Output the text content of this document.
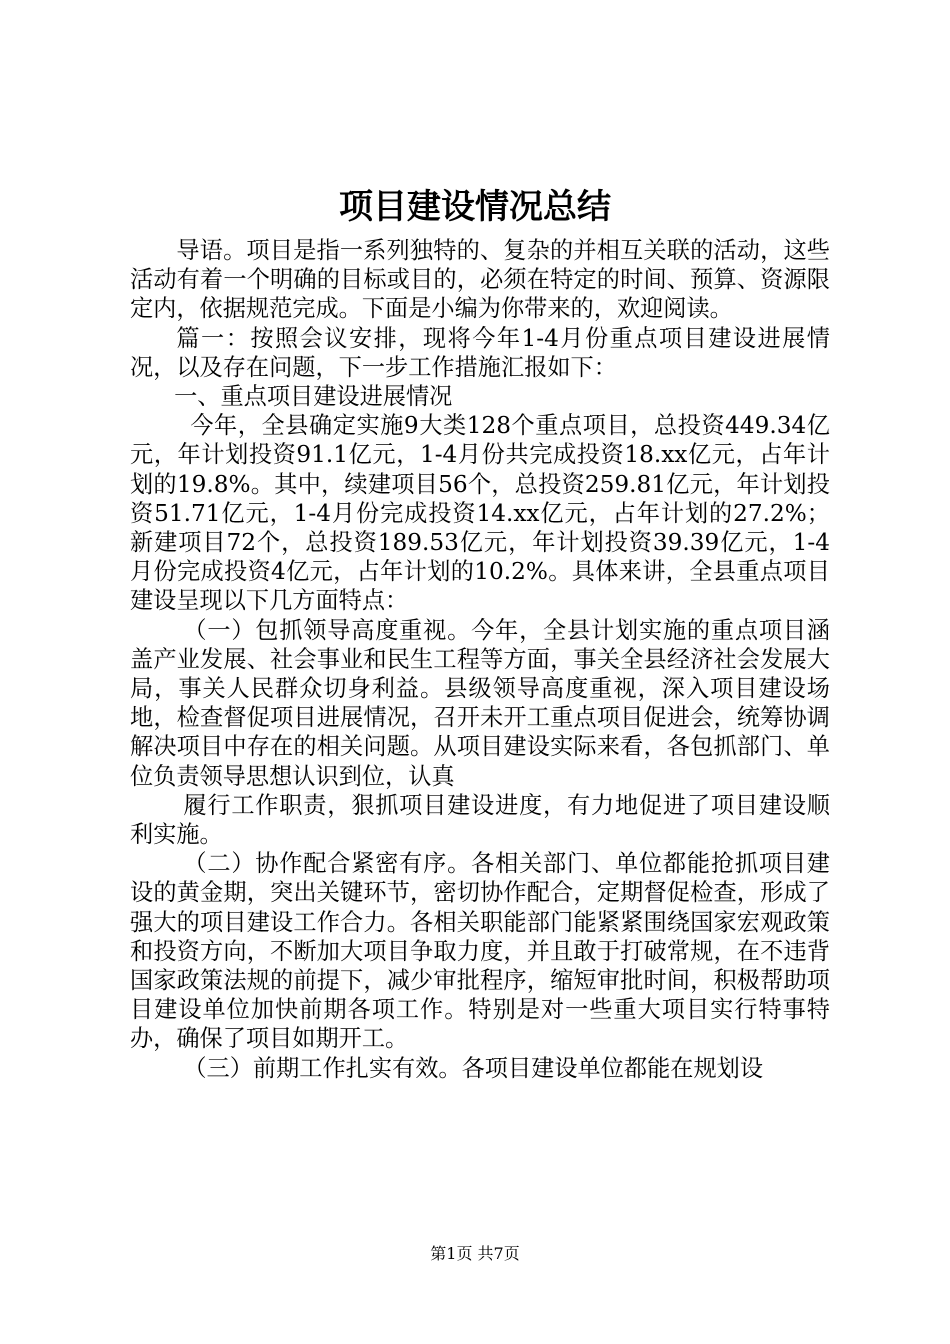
项目建设情况总结

导语。项目是指一系列独特的、复杂的并相互关联的活动，这些活动有着一个明确的目标或目的，必须在特定的时间、预算、资源限定内，依据规范完成。下面是小编为你带来的，欢迎阅读。

篇一：按照会议安排，现将今年1-4月份重点项目建设进展情况，以及存在问题，下一步工作措施汇报如下：

一、重点项目建设进展情况

今年，全县确定实施9大类128个重点项目，总投资449.34亿元，年计划投资91.1亿元，1-4月份共完成投资18.xx亿元，占年计划的19.8%。其中，续建项目56个，总投资259.81亿元，年计划投资51.71亿元，1-4月份完成投资14.xx亿元，占年计划的27.2%；新建项目72个，总投资189.53亿元，年计划投资39.39亿元，1-4月份完成投资4亿元，占年计划的10.2%。具体来讲，全县重点项目建设呈现以下几方面特点：

（一）包抓领导高度重视。今年，全县计划实施的重点项目涵盖产业发展、社会事业和民生工程等方面，事关全县经济社会发展大局，事关人民群众切身利益。县级领导高度重视，深入项目建设场地，检查督促项目进展情况，召开未开工重点项目促进会，统筹协调解决项目中存在的相关问题。从项目建设实际来看，各包抓部门、单位负责领导思想认识到位，认真

履行工作职责，狠抓项目建设进度，有力地促进了项目建设顺利实施。

（二）协作配合紧密有序。各相关部门、单位都能抢抓项目建设的黄金期，突出关键环节，密切协作配合，定期督促检查，形成了强大的项目建设工作合力。各相关职能部门能紧紧围绕国家宏观政策和投资方向，不断加大项目争取力度，并且敢于打破常规，在不违背国家政策法规的前提下，减少审批程序，缩短审批时间，积极帮助项目建设单位加快前期各项工作。特别是对一些重大项目实行特事特办，确保了项目如期开工。

（三）前期工作扎实有效。各项目建设单位都能在规划设

第1页 共7页
